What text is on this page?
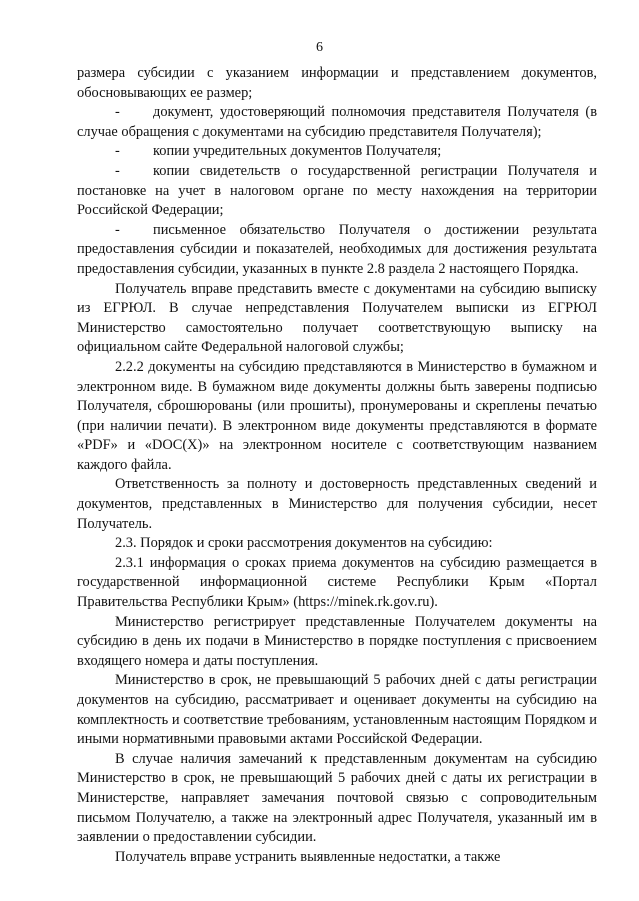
6

размера субсидии с указанием информации и представлением документов, обосновывающих ее размер;

- документ, удостоверяющий полномочия представителя Получателя (в случае обращения с документами на субсидию представителя Получателя);

- копии учредительных документов Получателя;

- копии свидетельств о государственной регистрации Получателя и постановке на учет в налоговом органе по месту нахождения на территории Российской Федерации;

- письменное обязательство Получателя о достижении результата предоставления субсидии и показателей, необходимых для достижения результата предоставления субсидии, указанных в пункте 2.8 раздела 2 настоящего Порядка.

Получатель вправе представить вместе с документами на субсидию выписку из ЕГРЮЛ. В случае непредставления Получателем выписки из ЕГРЮЛ Министерство самостоятельно получает соответствующую выписку на официальном сайте Федеральной налоговой службы;

2.2.2 документы на субсидию представляются в Министерство в бумажном и электронном виде. В бумажном виде документы должны быть заверены подписью Получателя, сброшюрованы (или прошиты), пронумерованы и скреплены печатью (при наличии печати). В электронном виде документы представляются в формате «PDF» и «DOC(X)» на электронном носителе с соответствующим названием каждого файла.

Ответственность за полноту и достоверность представленных сведений и документов, представленных в Министерство для получения субсидии, несет Получатель.

2.3. Порядок и сроки рассмотрения документов на субсидию:

2.3.1 информация о сроках приема документов на субсидию размещается в государственной информационной системе Республики Крым «Портал Правительства Республики Крым» (https://minek.rk.gov.ru).

Министерство регистрирует представленные Получателем документы на субсидию в день их подачи в Министерство в порядке поступления с присвоением входящего номера и даты поступления.

Министерство в срок, не превышающий 5 рабочих дней с даты регистрации документов на субсидию, рассматривает и оценивает документы на субсидию на комплектность и соответствие требованиям, установленным настоящим Порядком и иными нормативными правовыми актами Российской Федерации.

В случае наличия замечаний к представленным документам на субсидию Министерство в срок, не превышающий 5 рабочих дней с даты их регистрации в Министерстве, направляет замечания почтовой связью с сопроводительным письмом Получателю, а также на электронный адрес Получателя, указанный им в заявлении о предоставлении субсидии.

Получатель вправе устранить выявленные недостатки, а также
